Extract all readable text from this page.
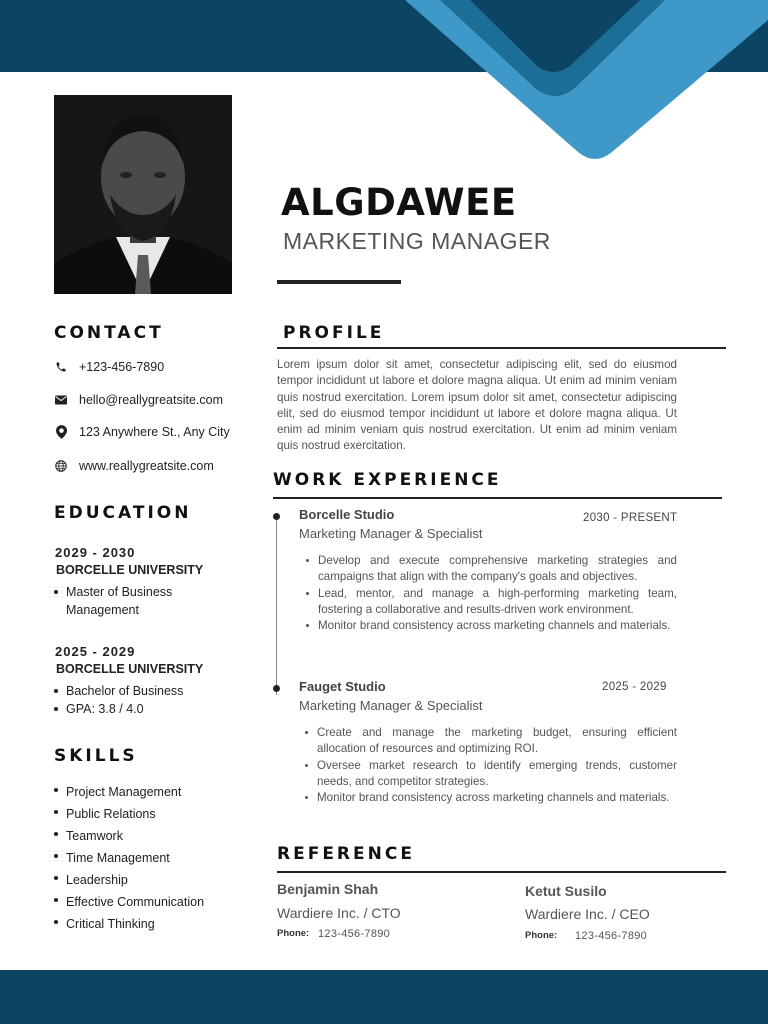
ALGDAWEE
MARKETING MANAGER
CONTACT
+123-456-7890
hello@reallygreatsite.com
123 Anywhere St., Any City
www.reallygreatsite.com
EDUCATION
2029 - 2030
BORCELLE UNIVERSITY
Master of Business Management
2025 - 2029
BORCELLE UNIVERSITY
Bachelor of Business
GPA: 3.8 / 4.0
SKILLS
Project Management
Public Relations
Teamwork
Time Management
Leadership
Effective Communication
Critical Thinking
PROFILE
Lorem ipsum dolor sit amet, consectetur adipiscing elit, sed do eiusmod tempor incididunt ut labore et dolore magna aliqua. Ut enim ad minim veniam quis nostrud exercitation. Lorem ipsum dolor sit amet, consectetur adipiscing elit, sed do eiusmod tempor incididunt ut labore et dolore magna aliqua. Ut enim ad minim veniam quis nostrud exercitation. Ut enim ad minim veniam quis nostrud exercitation.
WORK EXPERIENCE
Borcelle Studio	2030 - PRESENT
Marketing Manager & Specialist
Develop and execute comprehensive marketing strategies and campaigns that align with the company's goals and objectives.
Lead, mentor, and manage a high-performing marketing team, fostering a collaborative and results-driven work environment.
Monitor brand consistency across marketing channels and materials.
Fauget Studio	2025 - 2029
Marketing Manager & Specialist
Create and manage the marketing budget, ensuring efficient allocation of resources and optimizing ROI.
Oversee market research to identify emerging trends, customer needs, and competitor strategies.
Monitor brand consistency across marketing channels and materials.
REFERENCE
Benjamin Shah
Wardiere Inc. / CTO
Phone: 123-456-7890
Ketut Susilo
Wardiere Inc. / CEO
Phone: 123-456-7890
